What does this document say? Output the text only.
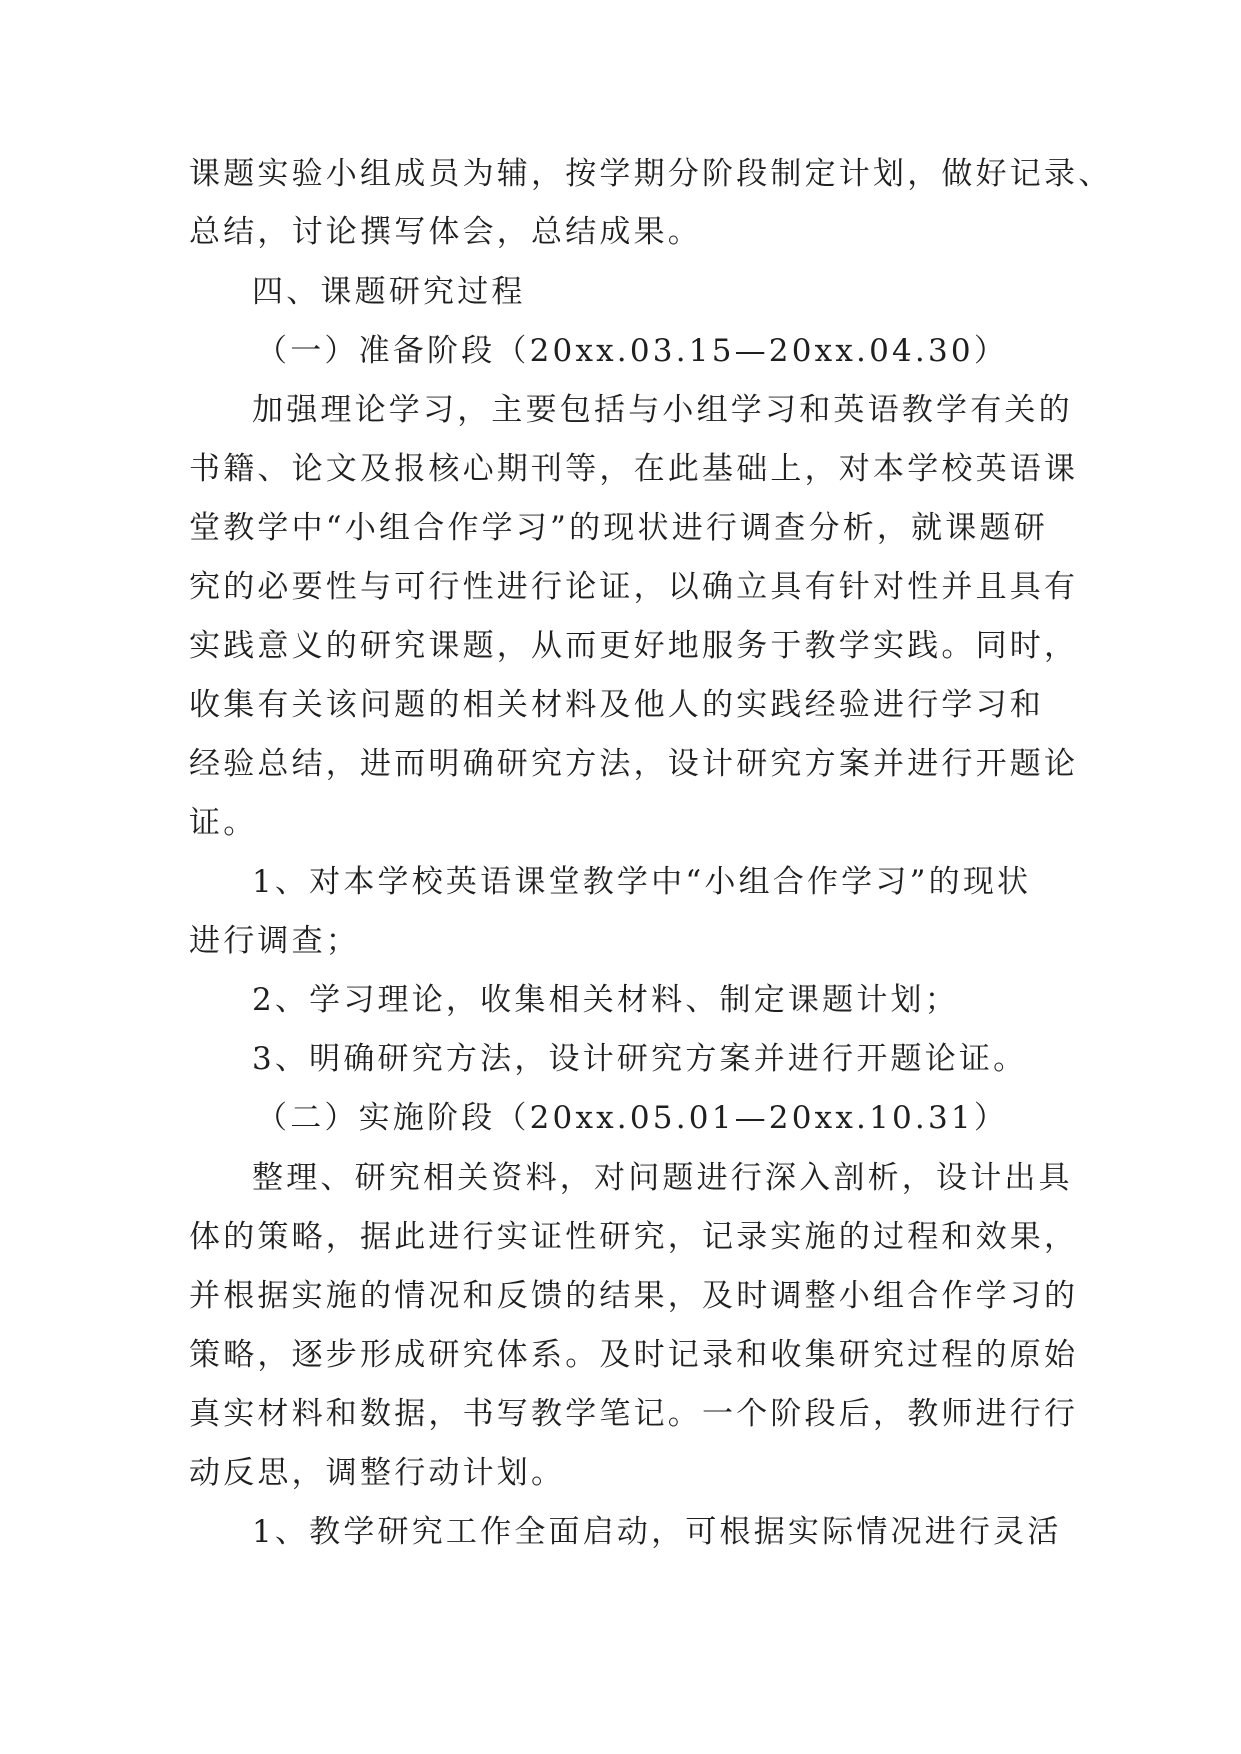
课题实验小组成员为辅，按学期分阶段制定计划，做好记录、
总结，讨论撰写体会，总结成果。
四、课题研究过程
（一）准备阶段（20xx.03.15—20xx.04.30）
加强理论学习，主要包括与小组学习和英语教学有关的
书籍、论文及报核心期刊等，在此基础上，对本学校英语课
堂教学中“小组合作学习”的现状进行调查分析，就课题研
究的必要性与可行性进行论证，以确立具有针对性并且具有
实践意义的研究课题，从而更好地服务于教学实践。同时，
收集有关该问题的相关材料及他人的实践经验进行学习和
经验总结，进而明确研究方法，设计研究方案并进行开题论
证。
1、对本学校英语课堂教学中“小组合作学习”的现状
进行调查；
2、学习理论，收集相关材料、制定课题计划；
3、明确研究方法，设计研究方案并进行开题论证。
（二）实施阶段（20xx.05.01—20xx.10.31）
整理、研究相关资料，对问题进行深入剖析，设计出具
体的策略，据此进行实证性研究，记录实施的过程和效果，
并根据实施的情况和反馈的结果，及时调整小组合作学习的
策略，逐步形成研究体系。及时记录和收集研究过程的原始
真实材料和数据，书写教学笔记。一个阶段后，教师进行行
动反思，调整行动计划。
1、教学研究工作全面启动，可根据实际情况进行灵活
